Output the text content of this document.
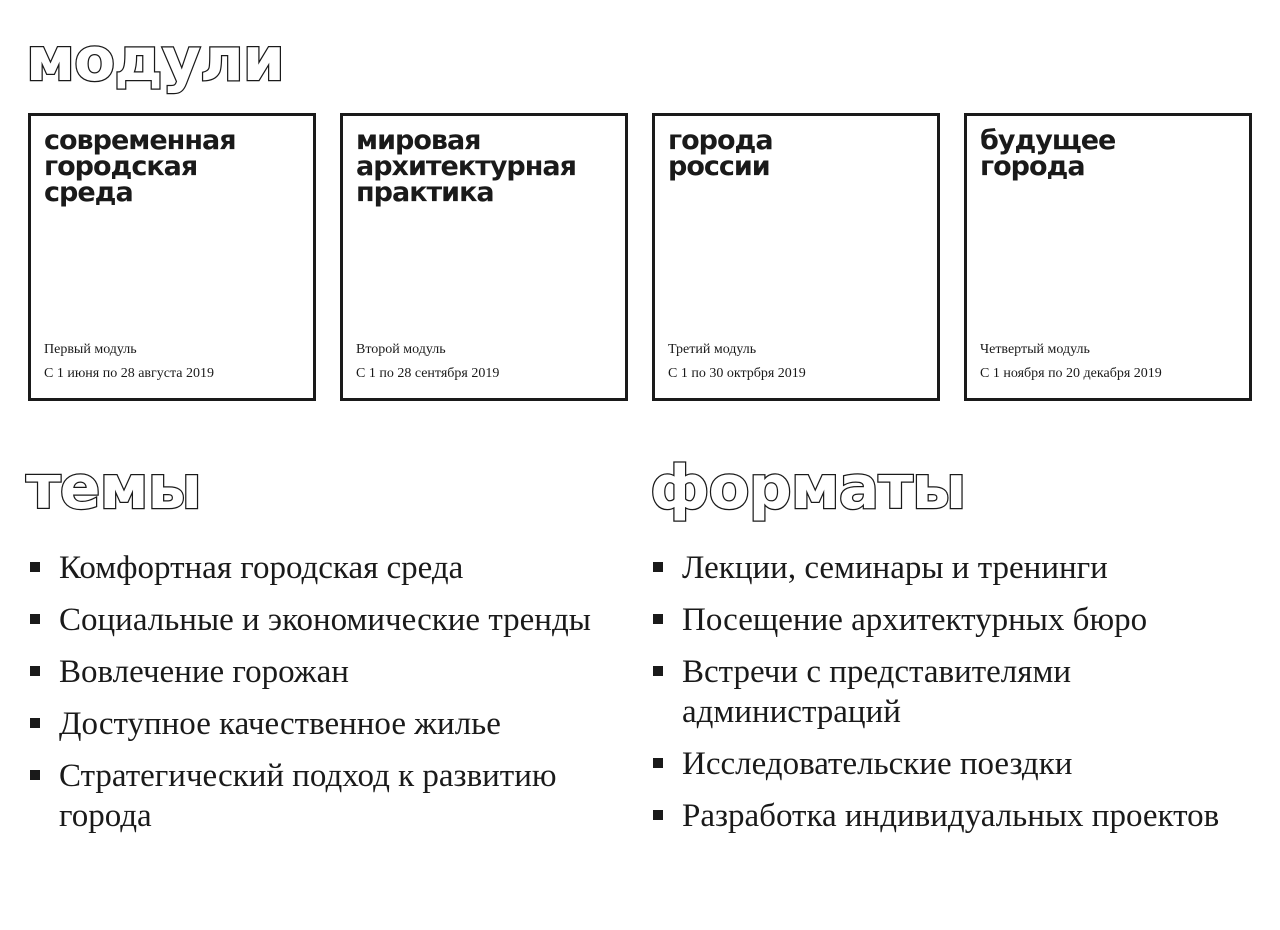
модули
современная
городская
среда
Первый модуль
С 1 июня по 28 августа 2019
мировая
архитектурная
практика
Второй модуль
С 1 по 28 сентября 2019
города
россии
Третий модуль
С 1 по 30 октрбря 2019
будущее
города
Четвертый модуль
С 1 ноября по 20 декабря 2019
темы
Комфортная городская среда
Социальные и экономические тренды
Вовлечение горожан
Доступное качественное жилье
Стратегический подход к развитию города
форматы
Лекции, семинары и тренинги
Посещение архитектурных бюро
Встречи с представителями администраций
Исследовательские поездки
Разработка индивидуальных проектов
